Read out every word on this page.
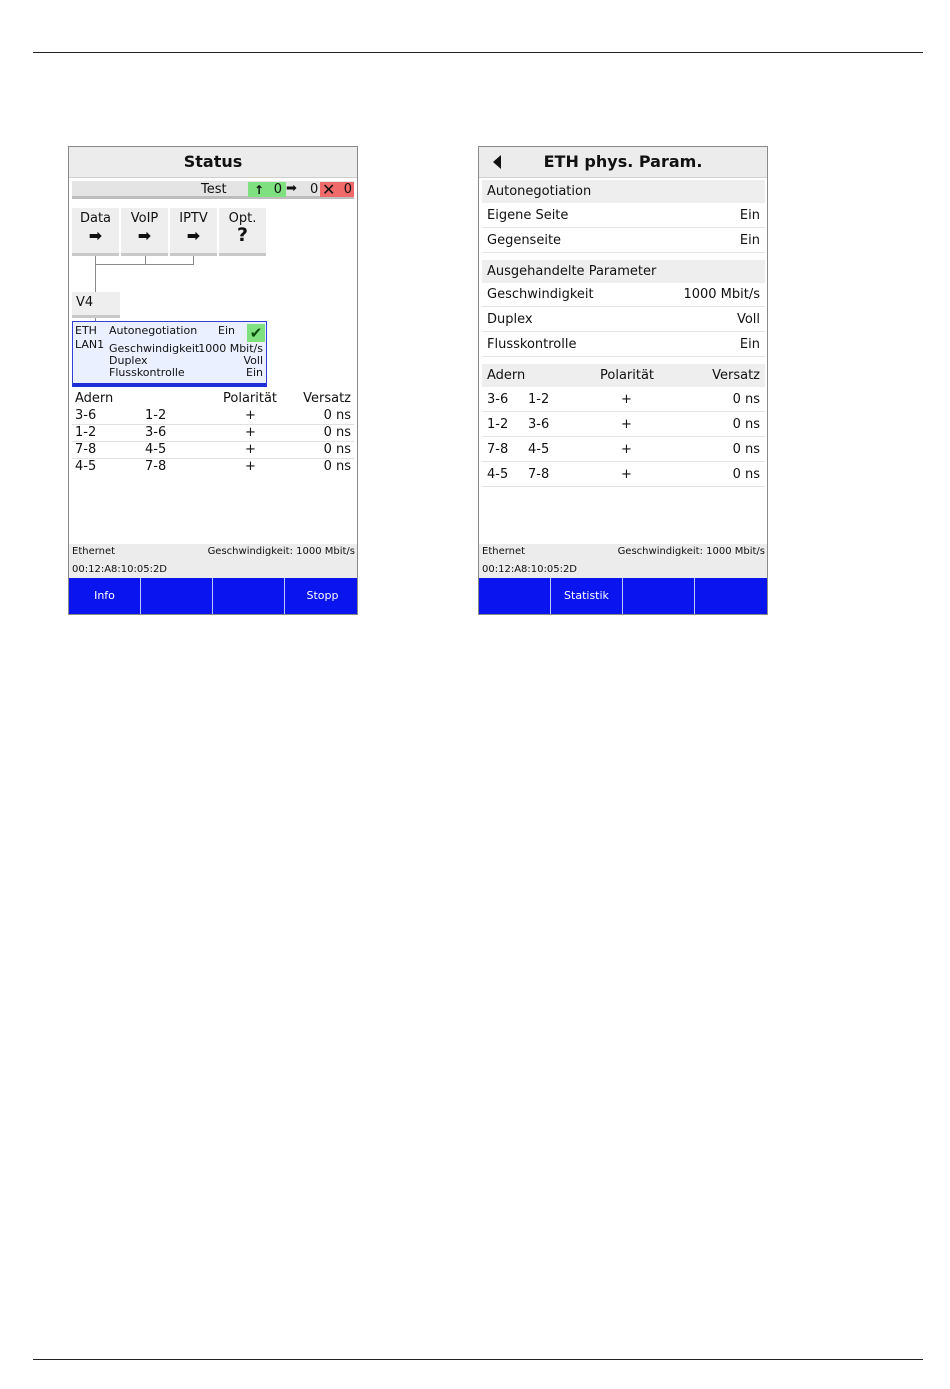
Status
Test ↑ 0 ➡ 0 ✕ 0
Data
➡
VoIP
➡
IPTV
➡
Opt.
?
V4
ETH
LAN1
Autonegotiation Ein ✔
Geschwindigkeit 1000 Mbit/s
Duplex	Voll
Flusskontrolle	Ein
Adern	Polarität Versatz
3-6	1-2	+	0 ns
1-2	3-6	+	0 ns
7-8	4-5	+	0 ns
4-5	7-8	+	0 ns
Ethernet	Geschwindigkeit: 1000 Mbit/s
00:12:A8:10:05:2D
Info	Stopp
ETH phys. Param.
Autonegotiation
Eigene Seite	Ein
Gegenseite	Ein
Ausgehandelte Parameter
Geschwindigkeit	1000 Mbit/s
Duplex	Voll
Flusskontrolle	Ein
Adern	Polarität	Versatz
3-6 1-2	+	0 ns
1-2 3-6	+	0 ns
7-8 4-5	+	0 ns
4-5 7-8	+	0 ns
Ethernet	Geschwindigkeit: 1000 Mbit/s
00:12:A8:10:05:2D
Statistik
